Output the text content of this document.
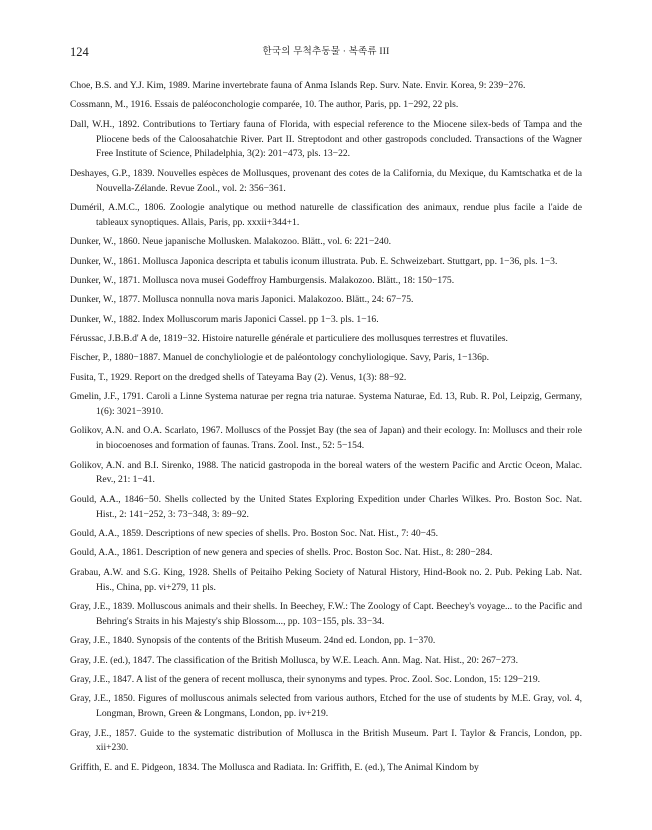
124	한국의 무척추동물 · 복족류 III
Choe, B.S. and Y.J. Kim, 1989. Marine invertebrate fauna of Anma Islands Rep. Surv. Nate. Envir. Korea, 9: 239−276.
Cossmann, M., 1916. Essais de paléoconchologie comparée, 10. The author, Paris, pp. 1−292, 22 pls.
Dall, W.H., 1892. Contributions to Tertiary fauna of Florida, with especial reference to the Miocene silex-beds of Tampa and the Pliocene beds of the Caloosahatchie River. Part II. Streptodont and other gastropods concluded. Transactions of the Wagner Free Institute of Science, Philadelphia, 3(2): 201−473, pls. 13−22.
Deshayes, G.P., 1839. Nouvelles espèces de Mollusques, provenant des cotes de la California, du Mexique, du Kamtschatka et de la Nouvella-Zélande. Revue Zool., vol. 2: 356−361.
Duméril, A.M.C., 1806. Zoologie analytique ou method naturelle de classification des animaux, rendue plus facile a l'aide de tableaux synoptiques. Allais, Paris, pp. xxxii+344+1.
Dunker, W., 1860. Neue japanische Mollusken. Malakozoo. Blätt., vol. 6: 221−240.
Dunker, W., 1861. Mollusca Japonica descripta et tabulis iconum illustrata. Pub. E. Schweizebart. Stuttgart, pp. 1−36, pls. 1−3.
Dunker, W., 1871. Mollusca nova musei Godeffroy Hamburgensis. Malakozoo. Blätt., 18: 150−175.
Dunker, W., 1877. Mollusca nonnulla nova maris Japonici. Malakozoo. Blätt., 24: 67−75.
Dunker, W., 1882. Index Molluscorum maris Japonici Cassel. pp 1−3. pls. 1−16.
Férussac, J.B.B.d' A de, 1819−32. Histoire naturelle générale et particuliere des mollusques terrestres et fluvatiles.
Fischer, P., 1880−1887. Manuel de conchyliologie et de paléontology conchyliologique. Savy, Paris, 1−136p.
Fusita, T., 1929. Report on the dredged shells of Tateyama Bay (2). Venus, 1(3): 88−92.
Gmelin, J.F., 1791. Caroli a Linne Systema naturae per regna tria naturae. Systema Naturae, Ed. 13, Rub. R. Pol, Leipzig, Germany, 1(6): 3021−3910.
Golikov, A.N. and O.A. Scarlato, 1967. Molluscs of the Possjet Bay (the sea of Japan) and their ecology. In: Molluscs and their role in biocoenoses and formation of faunas. Trans. Zool. Inst., 52: 5−154.
Golikov, A.N. and B.I. Sirenko, 1988. The naticid gastropoda in the boreal waters of the western Pacific and Arctic Oceon, Malac. Rev., 21: 1−41.
Gould, A.A., 1846−50. Shells collected by the United States Exploring Expedition under Charles Wilkes. Pro. Boston Soc. Nat. Hist., 2: 141−252, 3: 73−348, 3: 89−92.
Gould, A.A., 1859. Descriptions of new species of shells. Pro. Boston Soc. Nat. Hist., 7: 40−45.
Gould, A.A., 1861. Description of new genera and species of shells. Proc. Boston Soc. Nat. Hist., 8: 280−284.
Grabau, A.W. and S.G. King, 1928. Shells of Peitaiho Peking Society of Natural History, Hind-Book no. 2. Pub. Peking Lab. Nat. His., China, pp. vi+279, 11 pls.
Gray, J.E., 1839. Molluscous animals and their shells. In Beechey, F.W.: The Zoology of Capt. Beechey's voyage... to the Pacific and Behring's Straits in his Majesty's ship Blossom..., pp. 103−155, pls. 33−34.
Gray, J.E., 1840. Synopsis of the contents of the British Museum. 24nd ed. London, pp. 1−370.
Gray, J.E. (ed.), 1847. The classification of the British Mollusca, by W.E. Leach. Ann. Mag. Nat. Hist., 20: 267−273.
Gray, J.E., 1847. A list of the genera of recent mollusca, their synonyms and types. Proc. Zool. Soc. London, 15: 129−219.
Gray, J.E., 1850. Figures of molluscous animals selected from various authors, Etched for the use of students by M.E. Gray, vol. 4, Longman, Brown, Green & Longmans, London, pp. iv+219.
Gray, J.E., 1857. Guide to the systematic distribution of Mollusca in the British Museum. Part I. Taylor & Francis, London, pp. xii+230.
Griffith, E. and E. Pidgeon, 1834. The Mollusca and Radiata. In: Griffith, E. (ed.), The Animal Kindom by
